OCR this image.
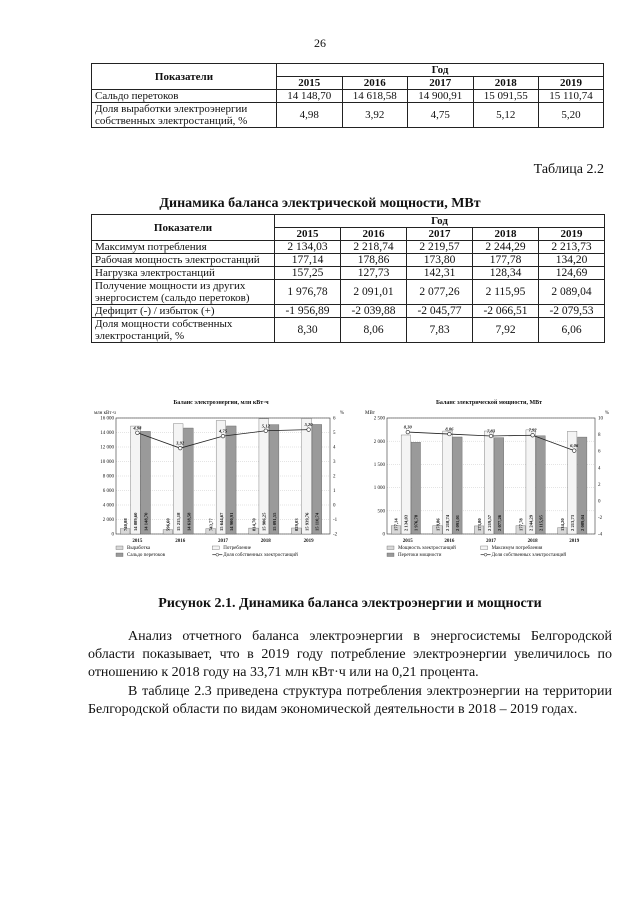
26
Показатели	Год				
	2015	2016	2017	2018	2019
Сальдо перетоков	14 148,70	14 618,58	14 900,91	15 091,55	15 110,74
Доля выработки электроэнергии собственных электростанций, %	4,98	3,92	4,75	5,12	5,20
Таблица 2.2
Динамика баланса электрической мощности, МВт
Показатели	Год				
	2015	2016	2017	2018	2019
Максимум потребления	2 134,03	2 218,74	2 219,57	2 244,29	2 213,73
Рабочая мощность электростанций	177,14	178,86	173,80	177,78	134,20
Нагрузка электростанций	157,25	127,73	142,31	128,34	124,69
Получение мощности из других энергосистем (сальдо перетоков)	1 976,78	2 091,01	2 077,26	2 115,95	2 089,04
Дефицит (-) / избыток (+)	-1 956,89	-2 039,88	-2 045,77	-2 066,51	-2 079,53
Доля мощности собственных электростанций, %	8,30	8,06	7,83	7,92	6,06
Баланс электроэнергии, млн кВт·ч
млн кВт·ч	%
0
2 000
4 000
6 000
8 000
10 000
12 000
14 000
16 000
-2
-1
0
1
2
3
4
5
6
740,88 14 889,60 14 148,70
2015
596,60 15 215,18 14 618,58
2016
743,77 15 644,67 14 900,91
2017
814,70 15 906,25 15 091,55
2018
829,03 15 939,76 15 110,74
2019
4,98
3,92
4,75
5,12	5,20
Выработка	Потребление
Сальдо перетоков	Доля собственных электростанций
Баланс электрической мощности, МВт
МВт	%
0
500
1 000
1 500
2 000
2 500
-4
-2
0
2
4
6
8
10
177,14 2 134,03 1 976,78
2015
178,86 2 218,74 2 091,01
2016
173,80 2 219,57 2 077,26
2017
177,78 2 244,29 2 115,95
2018
134,20 2 213,73 2 089,04
2019
8,30	8,06	7,83	7,92
6,06
Мощность электростанций	Максимум потребления
Перетоки мощности	Доля собственных электростанций
Рисунок 2.1. Динамика баланса электроэнергии и мощности
Анализ отчетного баланса электроэнергии в энергосистемы Белгородской области показывает, что в 2019 году потребление электроэнергии увеличилось по отношению к 2018 году на 33,71 млн кВт·ч или на 0,21 процента.
В таблице 2.3 приведена структура потребления электроэнергии на территории Белгородской области по видам экономической деятельности в 2018 – 2019 годах.
